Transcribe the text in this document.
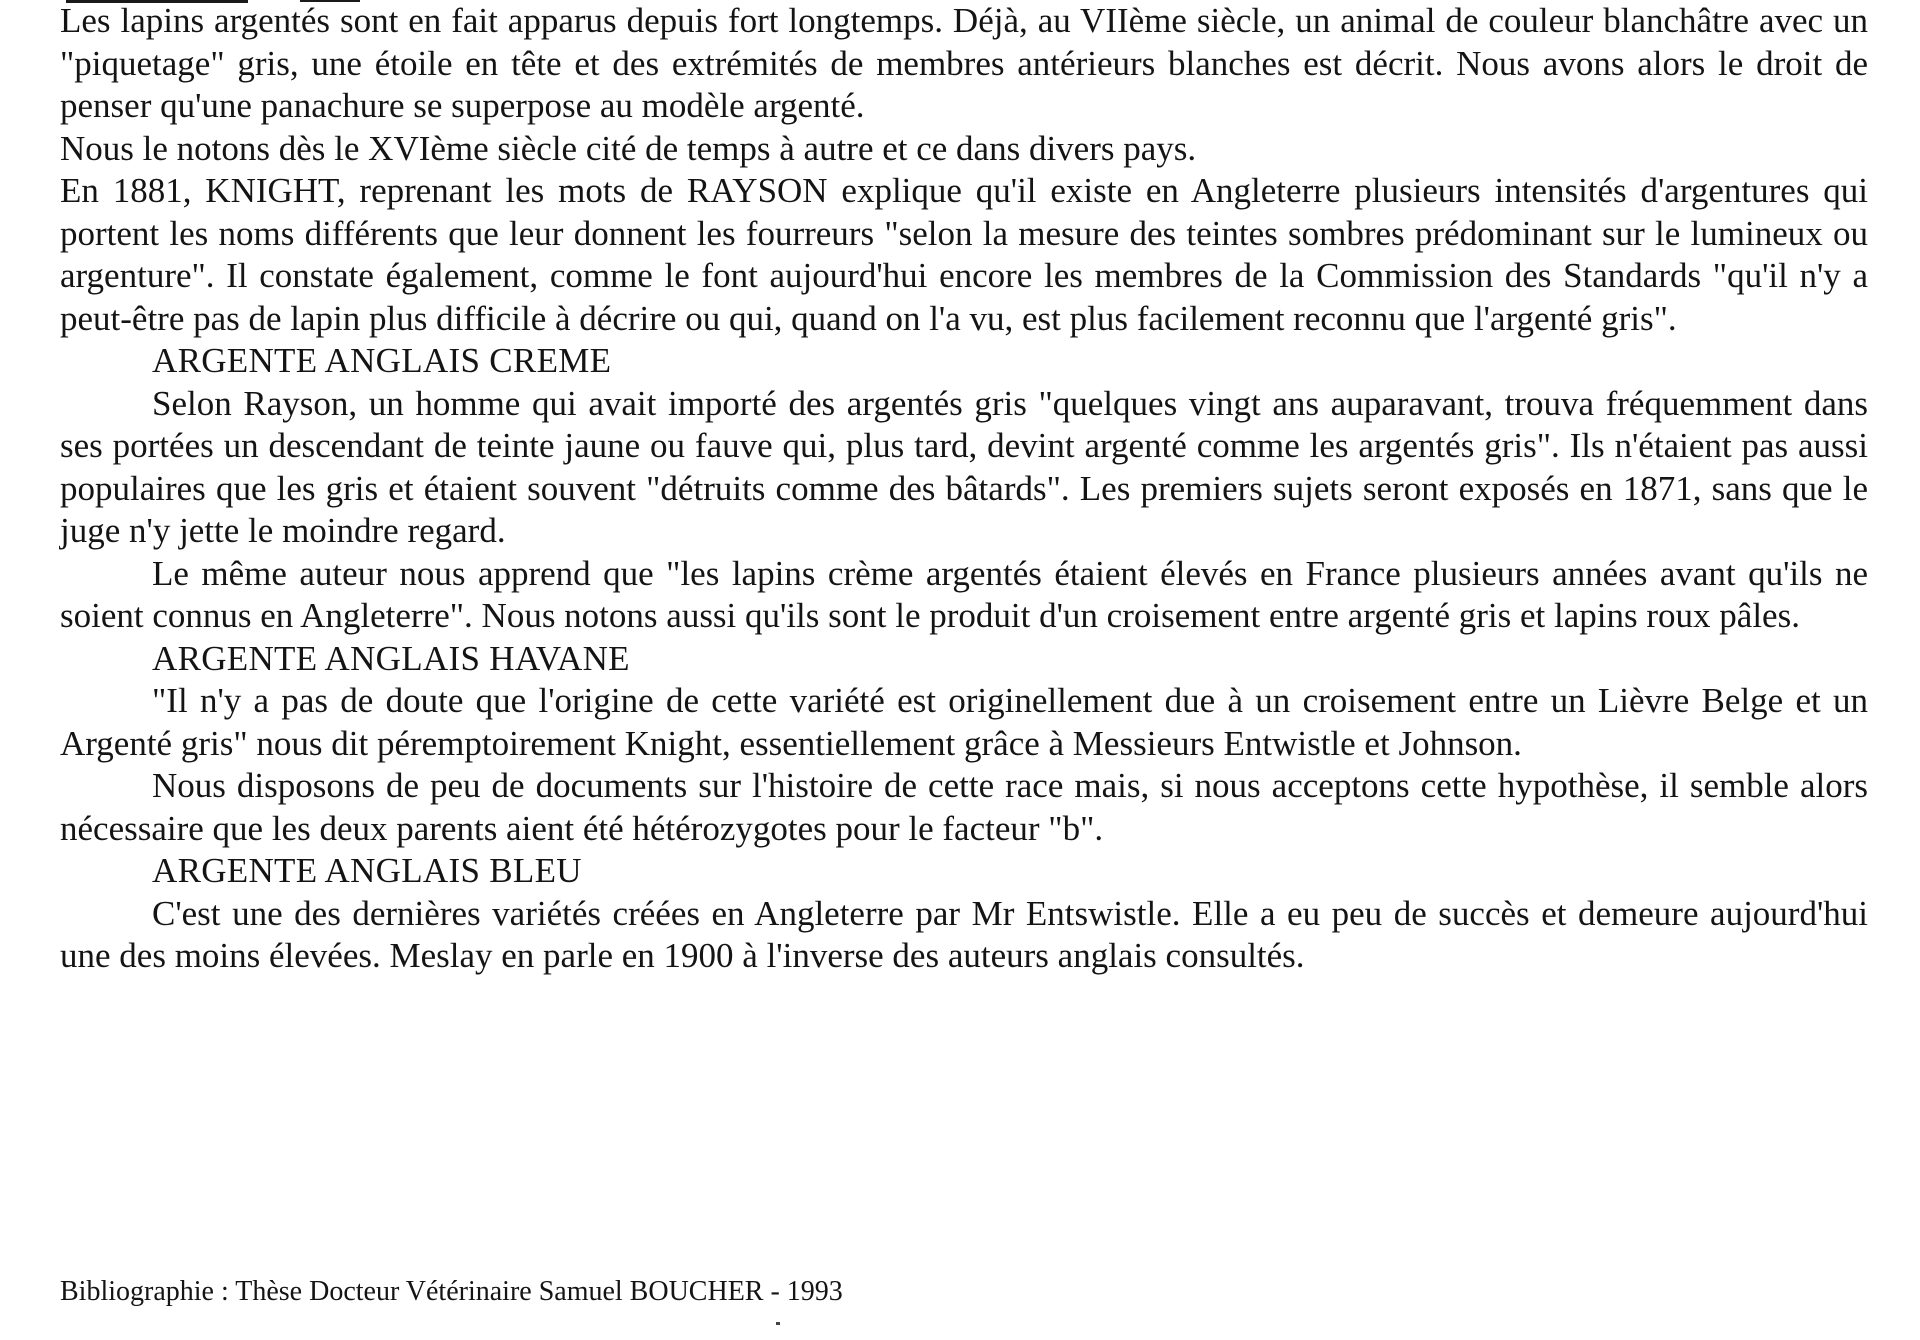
Les lapins argentés sont en fait apparus depuis fort longtemps. Déjà, au VIIème siècle, un animal de couleur blanchâtre avec un "piquetage" gris, une étoile en tête et des extrémités de membres antérieurs blanches est décrit. Nous avons alors le droit de penser qu'une panachure se superpose au modèle argenté.

Nous le notons dès le XVIème siècle cité de temps à autre et ce dans divers pays.

En 1881, KNIGHT, reprenant les mots de RAYSON explique qu'il existe en Angleterre plusieurs intensités d'argentures qui portent les noms différents que leur donnent les fourreurs "selon la mesure des teintes sombres prédominant sur le lumineux ou argenture". Il constate également, comme le font aujourd'hui encore les membres de la Commission des Standards "qu'il n'y a peut-être pas de lapin plus difficile à décrire ou qui, quand on l'a vu, est plus facilement reconnu que l'argenté gris".

ARGENTE ANGLAIS CREME

Selon Rayson, un homme qui avait importé des argentés gris "quelques vingt ans auparavant, trouva fréquemment dans ses portées un descendant de teinte jaune ou fauve qui, plus tard, devint argenté comme les argentés gris". Ils n'étaient pas aussi populaires que les gris et étaient souvent "détruits comme des bâtards". Les premiers sujets seront exposés en 1871, sans que le juge n'y jette le moindre regard.

Le même auteur nous apprend que "les lapins crème argentés étaient élevés en France plusieurs années avant qu'ils ne soient connus en Angleterre". Nous notons aussi qu'ils sont le produit d'un croisement entre argenté gris et lapins roux pâles.

ARGENTE ANGLAIS HAVANE

"Il n'y a pas de doute que l'origine de cette variété est originellement due à un croisement entre un Lièvre Belge et un Argenté gris" nous dit péremptoirement Knight, essentiellement grâce à Messieurs Entwistle et Johnson.

Nous disposons de peu de documents sur l'histoire de cette race mais, si nous acceptons cette hypothèse, il semble alors nécessaire que les deux parents aient été hétérozygotes pour le facteur "b".

ARGENTE ANGLAIS BLEU

C'est une des dernières variétés créées en Angleterre par Mr Entswistle. Elle a eu peu de succès et demeure aujourd'hui une des moins élevées. Meslay en parle en 1900 à l'inverse des auteurs anglais consultés.

Bibliographie : Thèse Docteur Vétérinaire Samuel BOUCHER - 1993
